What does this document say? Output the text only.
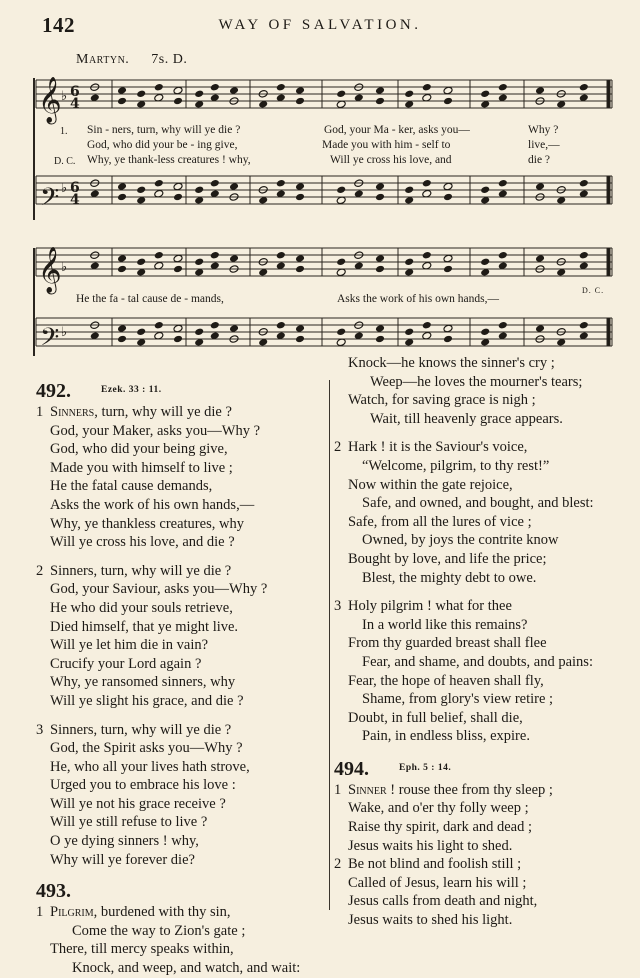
142	WAY OF SALVATION.
Martyn. 7s. D.
𝄞
𝄢
𝄞
𝄢
6
4
6
4
♭
♭
♭
♭
1. Sin - ners, turn, why will ye die ?	God, your Ma - ker, asks you—	Why ?
God, who did your be - ing give,	Made you with him - self to	live,—
D. C. Why, ye thank-less creatures ! why,	Will ye cross his love, and	die ?
He the fa - tal cause de - mands,	Asks the work of his own hands,—
D. C.
492.	$^{Ezek. 33 : 11.}$
1 Sinners, turn, why will ye die ?
God, your Maker, asks you—Why ?
God, who did your being give,
Made you with himself to live ;
He the fatal cause demands,
Asks the work of his own hands,—
Why, ye thankless creatures, why
Will ye cross his love, and die ?
2 Sinners, turn, why will ye die ?
God, your Saviour, asks you—Why ?
He who did your souls retrieve,
Died himself, that ye might live.
Will ye let him die in vain?
Crucify your Lord again ?
Why, ye ransomed sinners, why
Will ye slight his grace, and die ?
3 Sinners, turn, why will ye die ?
God, the Spirit asks you—Why ?
He, who all your lives hath strove,
Urged you to embrace his love :
Will ye not his grace receive ?
Will ye still refuse to live ?
O ye dying sinners ! why,
Why will ye forever die?
493.
1 Pilgrim, burdened with thy sin,
Come the way to Zion's gate ;
There, till mercy speaks within,
Knock, and weep, and watch, and wait:
Knock—he knows the sinner's cry ;
Weep—he loves the mourner's tears;
Watch, for saving grace is nigh ;
Wait, till heavenly grace appears.
2 Hark ! it is the Saviour's voice,
“Welcome, pilgrim, to thy rest!”
Now within the gate rejoice,
Safe, and owned, and bought, and blest:
Safe, from all the lures of vice ;
Owned, by joys the contrite know
Bought by love, and life the price;
Blest, the mighty debt to owe.
3 Holy pilgrim ! what for thee
In a world like this remains?
From thy guarded breast shall flee
Fear, and shame, and doubts, and pains:
Fear, the hope of heaven shall fly,
Shame, from glory's view retire ;
Doubt, in full belief, shall die,
Pain, in endless bliss, expire.
494.	$^{Eph. 5 : 14.}$
1 Sinner ! rouse thee from thy sleep ;
Wake, and o'er thy folly weep ;
Raise thy spirit, dark and dead ;
Jesus waits his light to shed.
2 Be not blind and foolish still ;
Called of Jesus, learn his will ;
Jesus calls from death and night,
Jesus waits to shed his light.
